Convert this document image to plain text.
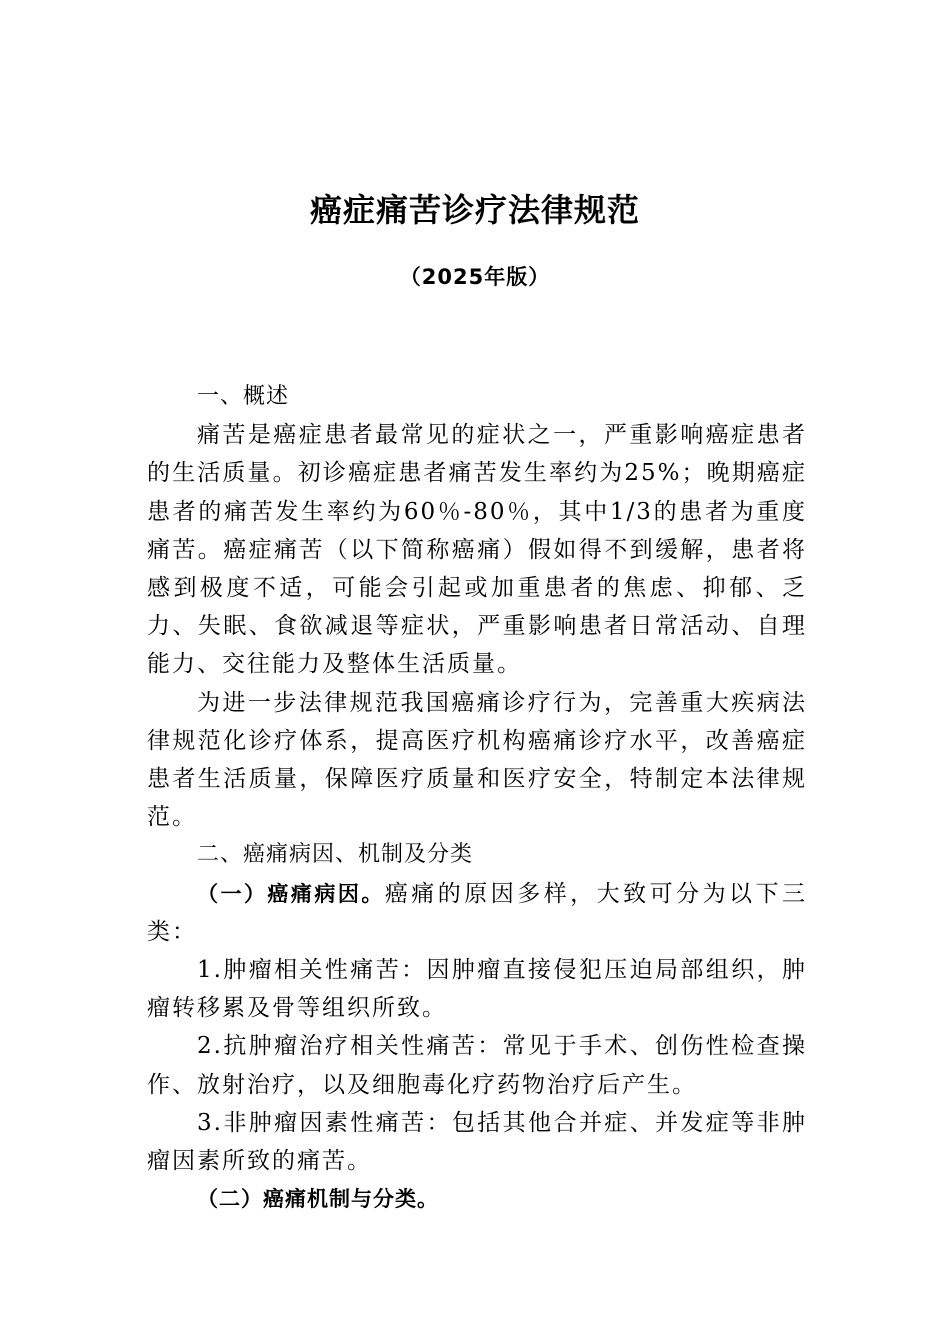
癌症痛苦诊疗法律规范
（2025年版）

一、概述

痛苦是癌症患者最常见的症状之一，严重影响癌症患者的生活质量。初诊癌症患者痛苦发生率约为25%；晚期癌症患者的痛苦发生率约为60％-80％，其中1/3的患者为重度痛苦。癌症痛苦（以下简称癌痛）假如得不到缓解，患者将感到极度不适，可能会引起或加重患者的焦虑、抑郁、乏力、失眠、食欲减退等症状，严重影响患者日常活动、自理能力、交往能力及整体生活质量。

为进一步法律规范我国癌痛诊疗行为，完善重大疾病法律规范化诊疗体系，提高医疗机构癌痛诊疗水平，改善癌症患者生活质量，保障医疗质量和医疗安全，特制定本法律规范。

二、癌痛病因、机制及分类

（一）癌痛病因。癌痛的原因多样，大致可分为以下三类：

1.肿瘤相关性痛苦：因肿瘤直接侵犯压迫局部组织，肿瘤转移累及骨等组织所致。

2.抗肿瘤治疗相关性痛苦：常见于手术、创伤性检查操作、放射治疗，以及细胞毒化疗药物治疗后产生。

3.非肿瘤因素性痛苦：包括其他合并症、并发症等非肿瘤因素所致的痛苦。

（二）癌痛机制与分类。
